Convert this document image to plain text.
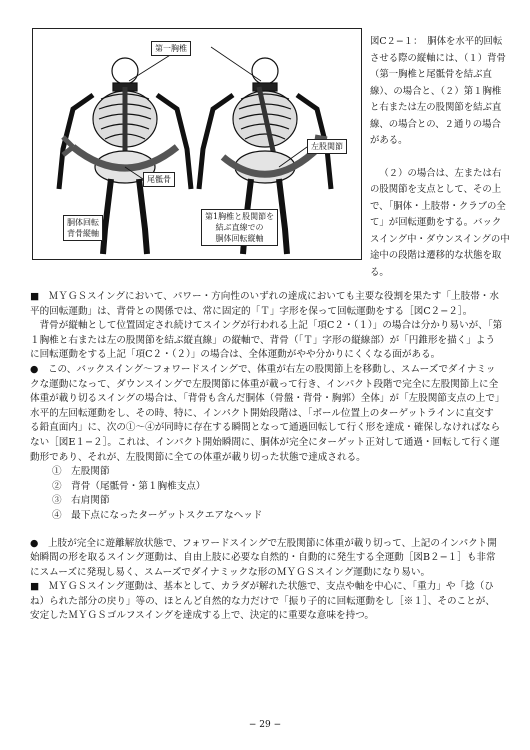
第一胸椎
尾骶骨
左股関節
胴体回転
背骨縦軸
第1胸椎と股関節を
結ぶ直線での
胴体回転縦軸

図C２−１：　胴体を水平的回転させる際の縦軸には、（１）背骨（第一胸椎と尾骶骨を結ぶ直線）、の場合と、（２）第１胸椎と右または左の股関節を結ぶ直線、の場合との、２通りの場合がある。

（２）の場合は、左または右の股関節を支点として、その上で、「胴体・上肢帯・クラブの全て」が回転運動をする。バックスイング中・ダウンスイングの中途中の段階は遷移的な状態を取る。

■　ＭＹＧＳスイングにおいて、パワー・方向性のいずれの達成においても主要な役割を果たす「上肢帯・水平的回転運動」は、背骨との関係では、常に固定的「Ｔ」字形を保って回転運動をする［図C２−２］。

背骨が縦軸として位置固定され続けてスイングが行われる上記「項C２・（１）」の場合は分かり易いが、「第１胸椎と右または左の股関節を結ぶ縦直線」の縦軸で、背骨（「Ｔ」字形の縦線部）が「円錐形を描く」ように回転運動をする上記「項C２・（２）」の場合は、全体運動がやや分かりにくくなる面がある。

●　この、バックスイング〜フォワードスイングで、体重が右左の股関節上を移動し、スムーズでダイナミックな運動になって、ダウンスイングで左股関節に体重が載って行き、インパクト段階で完全に左股関節上に全体重が載り切るスイングの場合は、「背骨も含んだ胴体（骨盤・背骨・胸郭）全体」が「左股関節支点の上で」水平的左回転運動をし、その時、特に、インパクト開始段階は、「ボール位置上のターゲットラインに直交する鉛直面内」に、次の①〜④が同時に存在する瞬間となって通過回転して行く形を達成・確保しなければならない［図E１−２］。これは、インパクト開始瞬間に、胴体が完全にターゲット正対して通過・回転して行く運動形であり、それが、左股関節に全ての体重が載り切った状態で達成される。

①　左股関節
②　背骨（尾骶骨・第１胸椎支点）
③　右肩関節
④　最下点になったターゲットスクエアなヘッド

●　上肢が完全に遊離解放状態で、フォワードスイングで左股関節に体重が載り切って、上記のインパクト開始瞬間の形を取るスイング運動は、自由上肢に必要な自然的・自動的に発生する全運動［図B２−１］も非常にスムーズに発現し易く、スムーズでダイナミックな形のＭＹＧＳスイング運動になり易い。

■　ＭＹＧＳスイング運動は、基本として、カラダが解れた状態で、支点や軸を中心に、「重力」や「捻（ひね）られた部分の戻り」等の、ほとんど自然的な力だけで「振り子的に回転運動をし［※１］、そのことが、安定したＭＹＧＳゴルフスイングを達成する上で、決定的に重要な意味を持つ。

− 29 −
